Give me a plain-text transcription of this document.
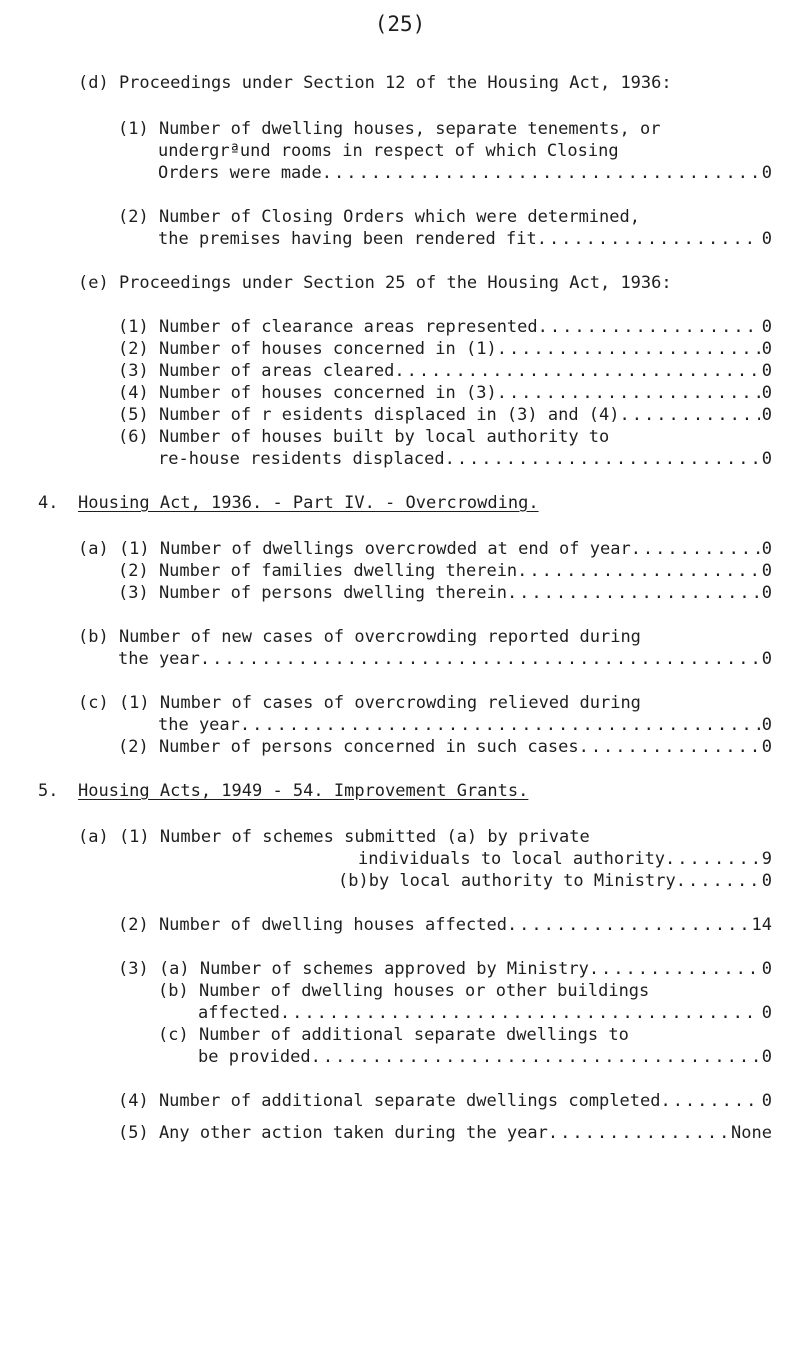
(25)
(d) Proceedings under Section 12 of the Housing Act, 1936:
(1) Number of dwelling houses, separate tenements, or
undergrªund rooms in respect of which Closing
Orders were made .....	0
(2) Number of Closing Orders which were determined,
the premises having been rendered fit .....	0
(e) Proceedings under Section 25 of the Housing Act, 1936:
(1) Number of clearance areas represented .....	0
(2) Number of houses concerned in (1) .....	0
(3) Number of areas cleared .....	0
(4) Number of houses concerned in (3) .....	0
(5) Number of r esidents displaced in (3) and (4) .....	0
(6) Number of houses built by local authority to
re-house residents displaced .....	0
4. Housing Act, 1936. - Part IV. - Overcrowding.
(a) (1) Number of dwellings overcrowded at end of year .....	0
(2) Number of families dwelling therein .....	0
(3) Number of persons dwelling therein .....	0
(b) Number of new cases of overcrowding reported during
the year .....	0
(c) (1) Number of cases of overcrowding relieved during
the year .....	0
(2) Number of persons concerned in such cases .....	0
5. Housing Acts, 1949 - 54. Improvement Grants.
(a) (1) Number of schemes submitted (a) by private
individuals to local authority .....	9
(b)by local authority to Ministry .....	0
(2) Number of dwelling houses affected .....	14
(3) (a) Number of schemes approved by Ministry .....	0
(b) Number of dwelling houses or other buildings
affected .....	0
(c) Number of additional separate dwellings to
be provided .....	0
(4) Number of additional separate dwellings completed .....	0
(5) Any other action taken during the year .....	None
